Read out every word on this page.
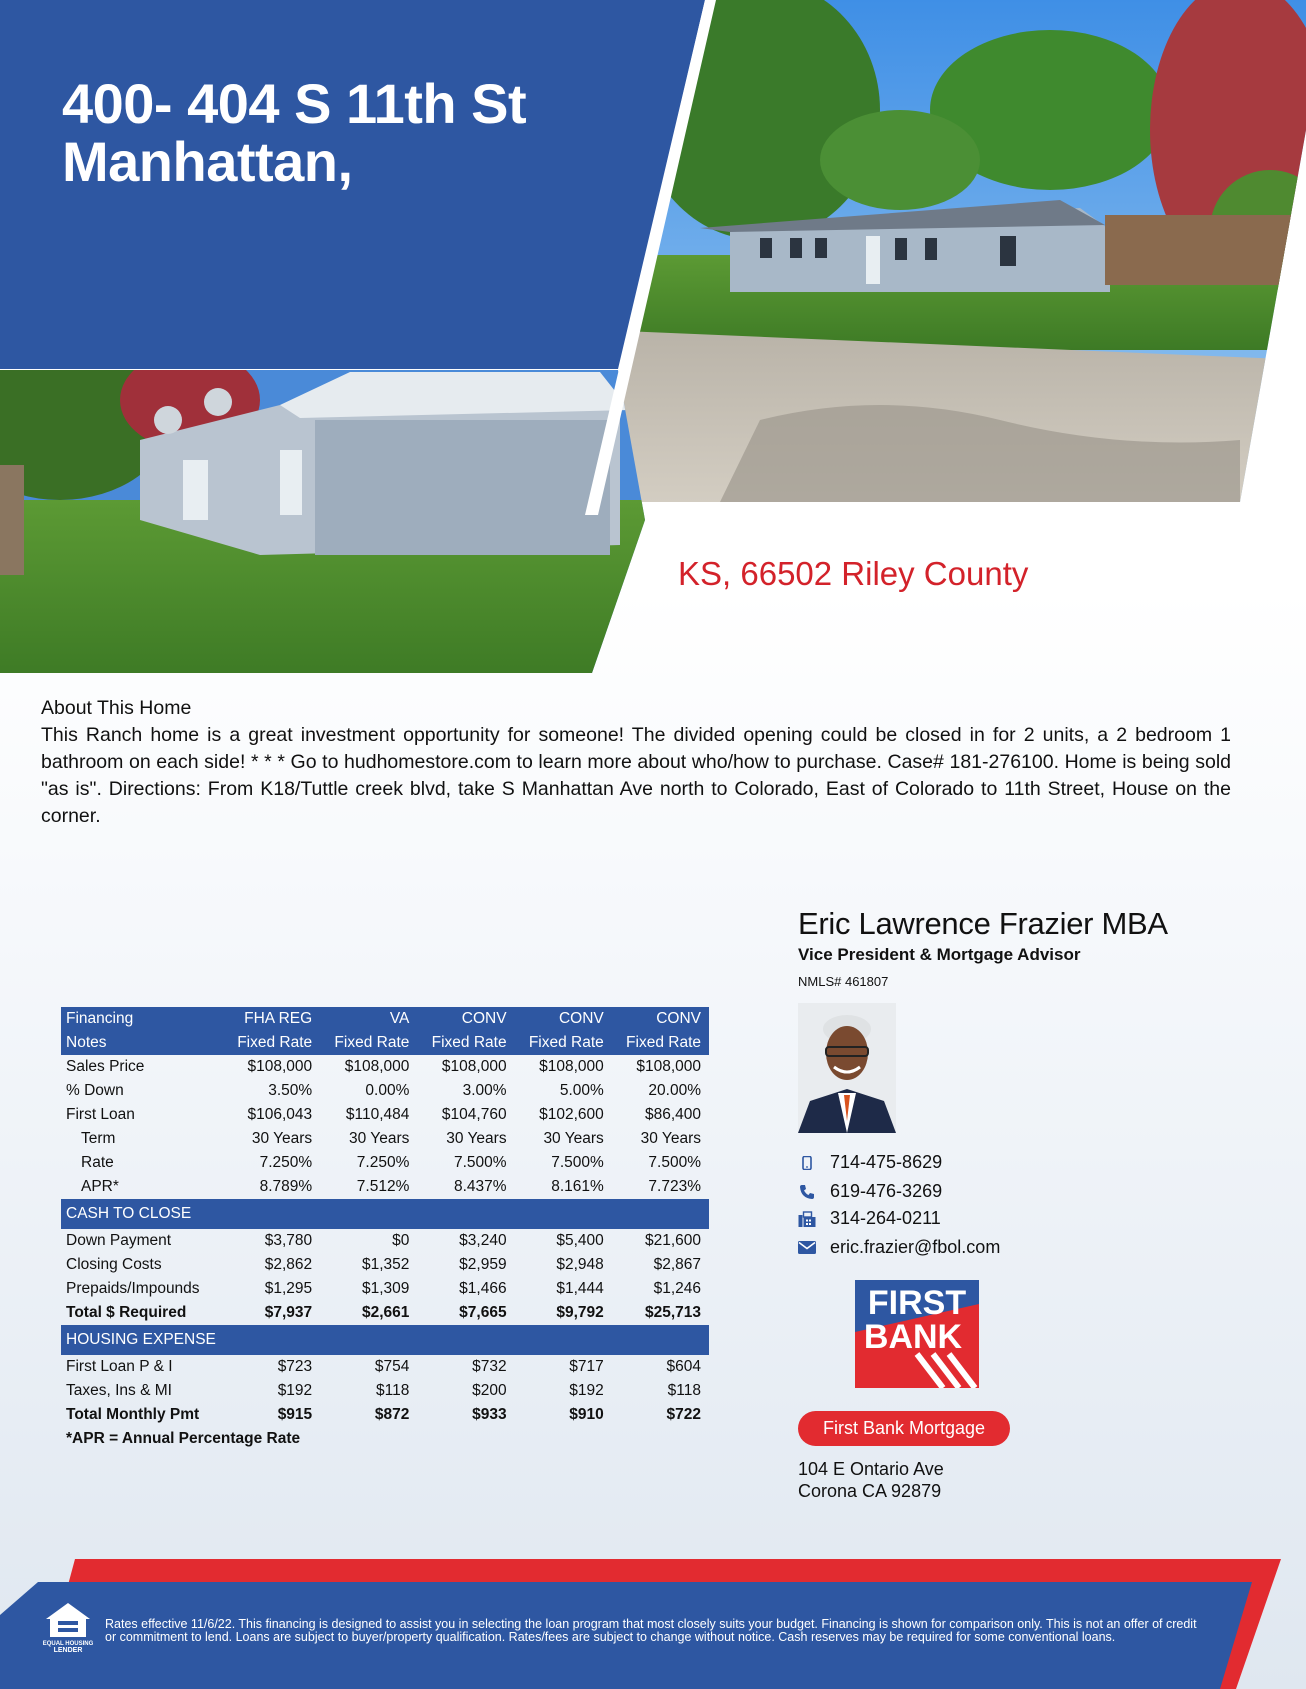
400- 404 S 11th St
Manhattan,
KS, 66502 Riley County
About This Home
This Ranch home is a great investment opportunity for someone! The divided opening could be closed in for 2 units, a 2 bedroom 1 bathroom on each side! * * * Go to hudhomestore.com to learn more about who/how to purchase. Case# 181-276100. Home is being sold "as is". Directions: From K18/Tuttle creek blvd, take S Manhattan Ave north to Colorado, East of Colorado to 11th Street, House on the corner.
Financing	FHA REG	VA	CONV	CONV	CONV
Notes	Fixed Rate	Fixed Rate	Fixed Rate	Fixed Rate	Fixed Rate
Sales Price	$108,000	$108,000	$108,000	$108,000	$108,000
% Down	3.50%	0.00%	3.00%	5.00%	20.00%
First Loan	$106,043	$110,484	$104,760	$102,600	$86,400
Term	30 Years	30 Years	30 Years	30 Years	30 Years
Rate	7.250%	7.250%	7.500%	7.500%	7.500%
APR*	8.789%	7.512%	8.437%	8.161%	7.723%
CASH TO CLOSE					
Down Payment	$3,780	$0	$3,240	$5,400	$21,600
Closing Costs	$2,862	$1,352	$2,959	$2,948	$2,867
Prepaids/Impounds	$1,295	$1,309	$1,466	$1,444	$1,246
Total $ Required	$7,937	$2,661	$7,665	$9,792	$25,713
HOUSING EXPENSE					
First Loan P & I	$723	$754	$732	$717	$604
Taxes, Ins & MI	$192	$118	$200	$192	$118
Total Monthly Pmt	$915	$872	$933	$910	$722
*APR = Annual Percentage Rate
Eric Lawrence Frazier MBA
Vice President & Mortgage Advisor
NMLS# 461807
714-475-8629
619-476-3269
314-264-0211
eric.frazier@fbol.com
FIRST
BANK
First Bank Mortgage
104 E Ontario Ave
Corona CA 92879
EQUAL HOUSING
LENDER
Rates effective 11/6/22. This financing is designed to assist you in selecting the loan program that most closely suits your budget. Financing is shown for comparison only. This is not an offer of credit or commitment to lend. Loans are subject to buyer/property qualification. Rates/fees are subject to change without notice. Cash reserves may be required for some conventional loans.
